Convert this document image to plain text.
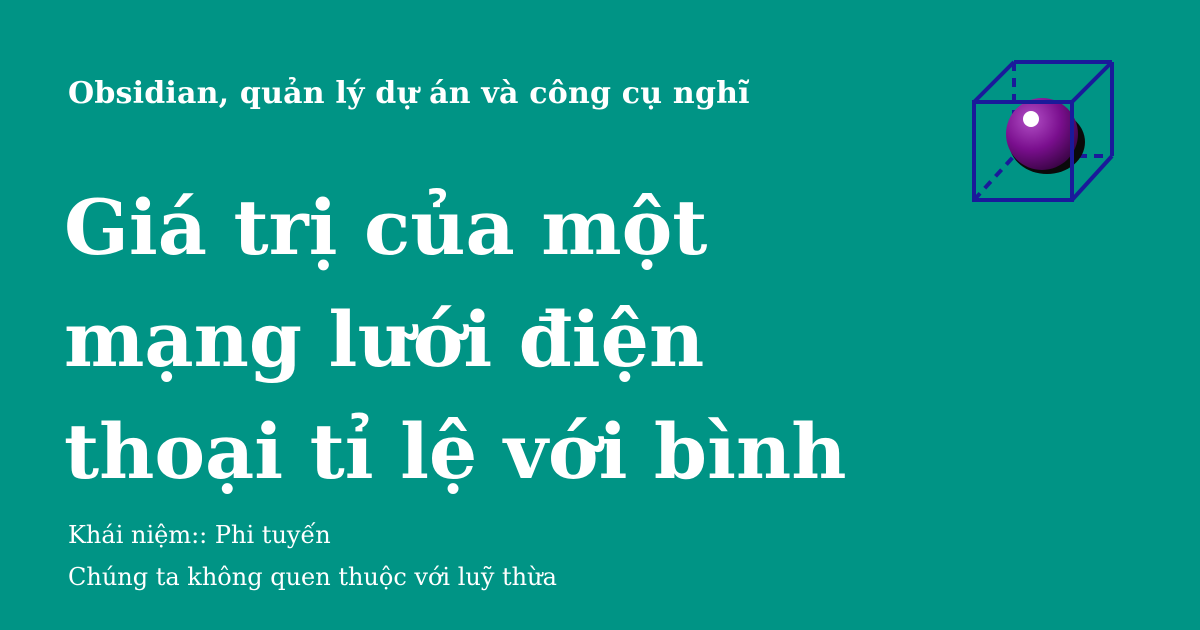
Obsidian, quản lý dự án và công cụ nghĩ
Giá trị của một
mạng lưới điện
thoại tỉ lệ với bình
Khái niệm:: Phi tuyến
Chúng ta không quen thuộc với luỹ thừa
